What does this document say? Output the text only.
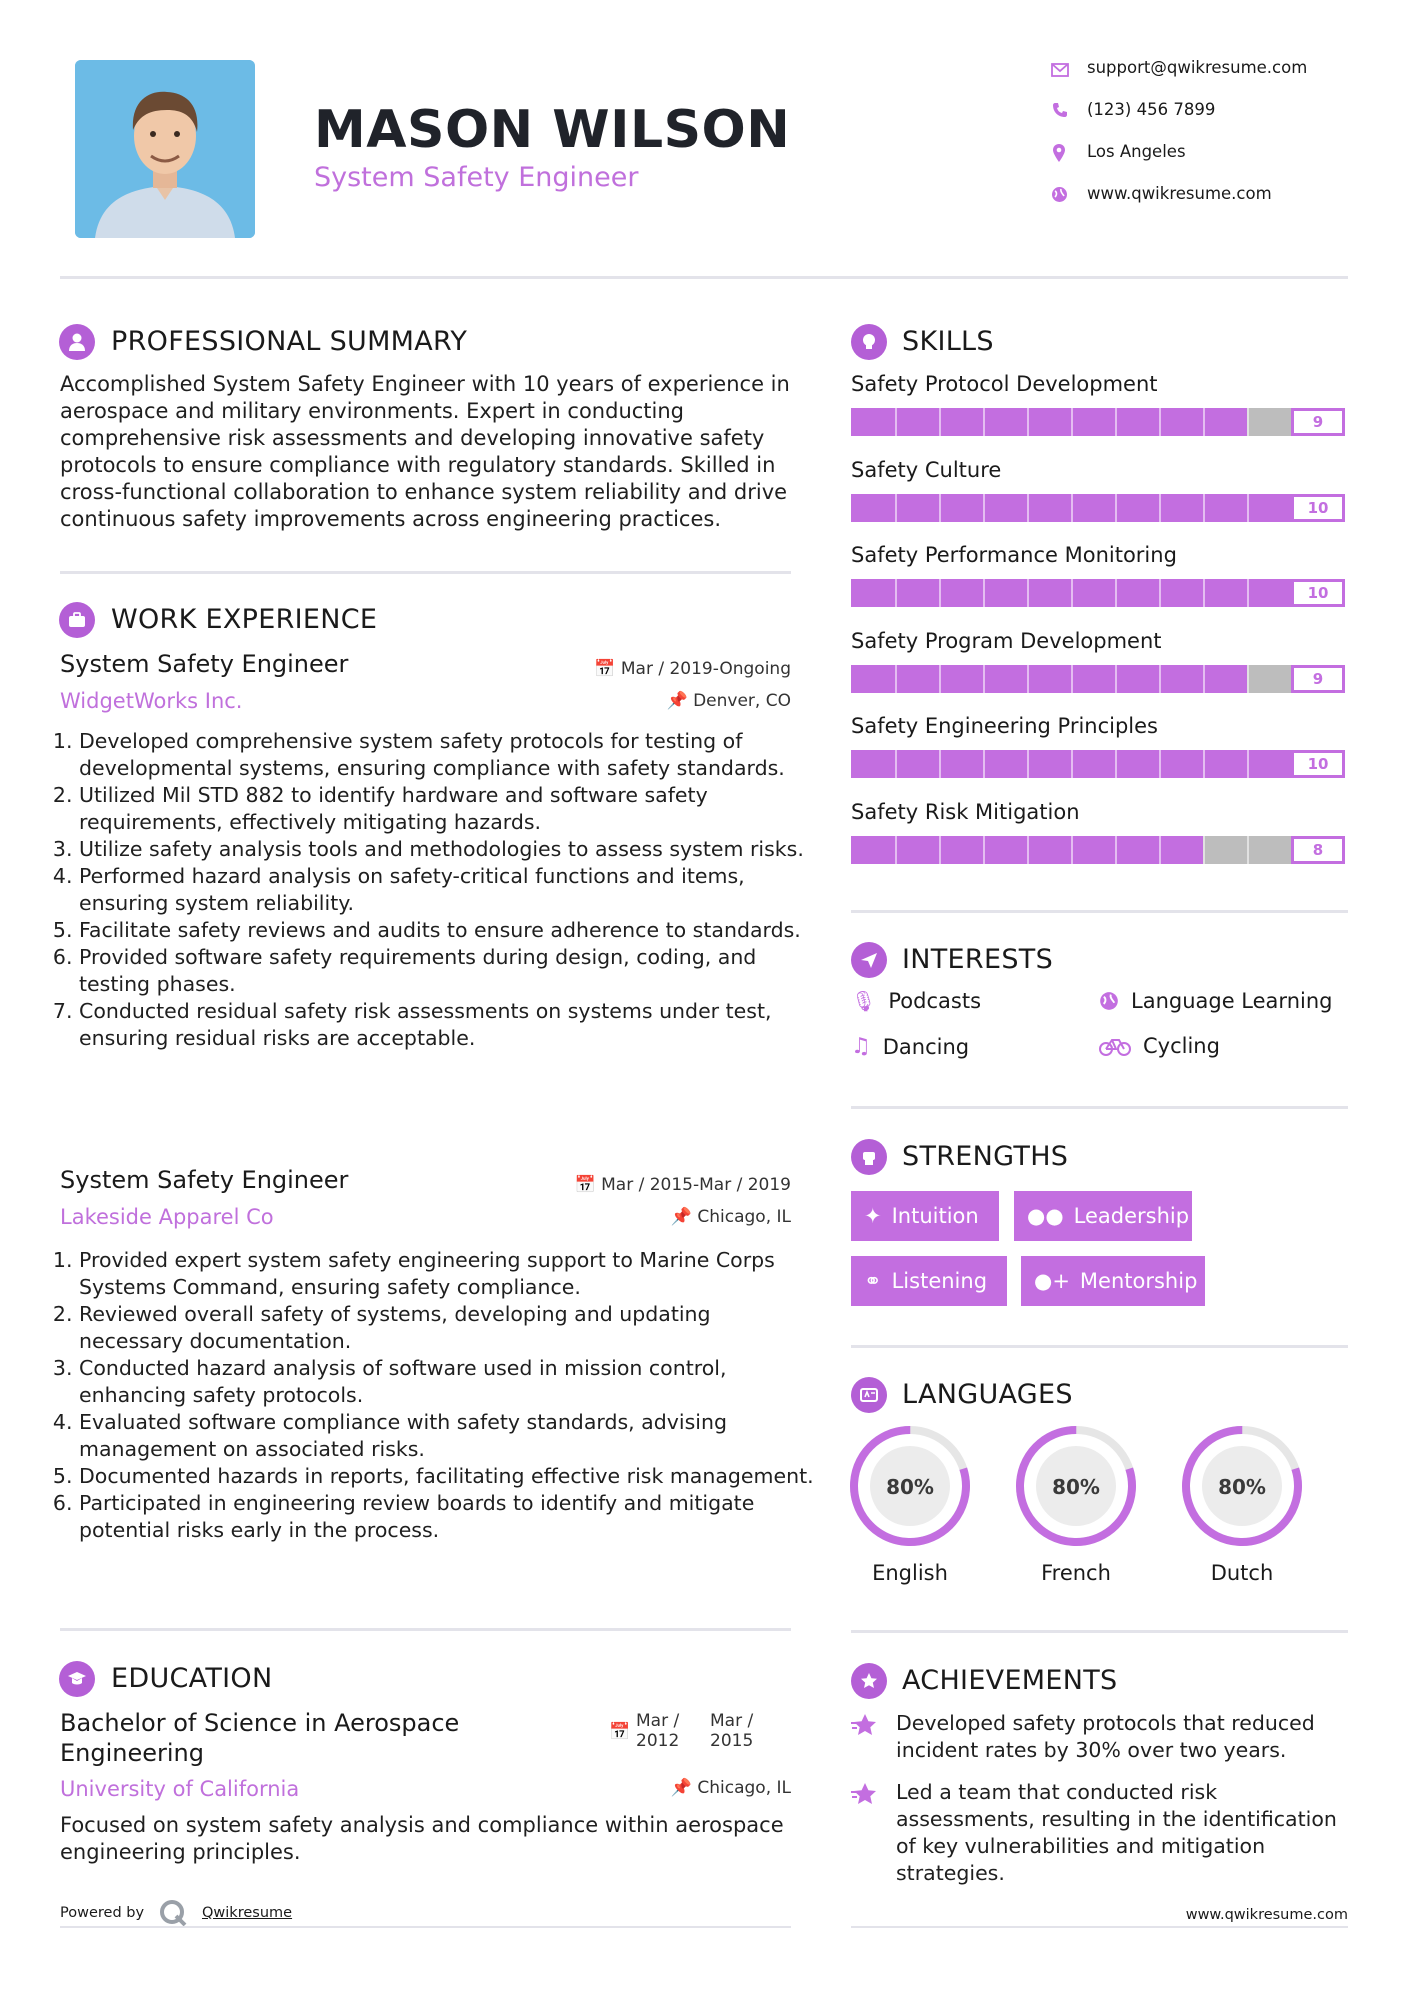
MASON WILSON
System Safety Engineer
support@qwikresume.com
(123) 456 7899
Los Angeles
www.qwikresume.com
PROFESSIONAL SUMMARY
Accomplished System Safety Engineer with 10 years of experience in
aerospace and military environments. Expert in conducting
comprehensive risk assessments and developing innovative safety
protocols to ensure compliance with regulatory standards. Skilled in
cross-functional collaboration to enhance system reliability and drive
continuous safety improvements across engineering practices.
WORK EXPERIENCE
System Safety Engineer
WidgetWorks Inc.
📅 Mar / 2019-Ongoing
📌 Denver, CO
1. Developed comprehensive system safety protocols for testing of developmental systems, ensuring compliance with safety standards.
2. Utilized Mil STD 882 to identify hardware and software safety requirements, effectively mitigating hazards.
3. Utilize safety analysis tools and methodologies to assess system risks.
4. Performed hazard analysis on safety-critical functions and items, ensuring system reliability.
5. Facilitate safety reviews and audits to ensure adherence to standards.
6. Provided software safety requirements during design, coding, and testing phases.
7. Conducted residual safety risk assessments on systems under test, ensuring residual risks are acceptable.
System Safety Engineer
Lakeside Apparel Co
📅 Mar / 2015-Mar / 2019
📌 Chicago, IL
1. Provided expert system safety engineering support to Marine Corps Systems Command, ensuring safety compliance.
2. Reviewed overall safety of systems, developing and updating necessary documentation.
3. Conducted hazard analysis of software used in mission control, enhancing safety protocols.
4. Evaluated software compliance with safety standards, advising management on associated risks.
5. Documented hazards in reports, facilitating effective risk management.
6. Participated in engineering review boards to identify and mitigate potential risks early in the process.
EDUCATION
Bachelor of Science in Aerospace
Engineering
University of California
📅
Mar /
2012
Mar /
2015
📌 Chicago, IL
Focused on system safety analysis and compliance within aerospace
engineering principles.
Powered by	Qwikresume
SKILLS
Safety Protocol Development
9
Safety Culture
10
Safety Performance Monitoring
10
Safety Program Development
9
Safety Engineering Principles
10
Safety Risk Mitigation
8
INTERESTS
🎙 Podcasts	Language Learning
♫ Dancing	Cycling
STRENGTHS
✦ Intuition ●● Leadership
⚭ Listening ●+ Mentorship
LANGUAGES
80%	80%	80%
English	French	Dutch
ACHIEVEMENTS
Developed safety protocols that reduced
incident rates by 30% over two years.
Led a team that conducted risk
assessments, resulting in the identification
of key vulnerabilities and mitigation
strategies.
www.qwikresume.com
